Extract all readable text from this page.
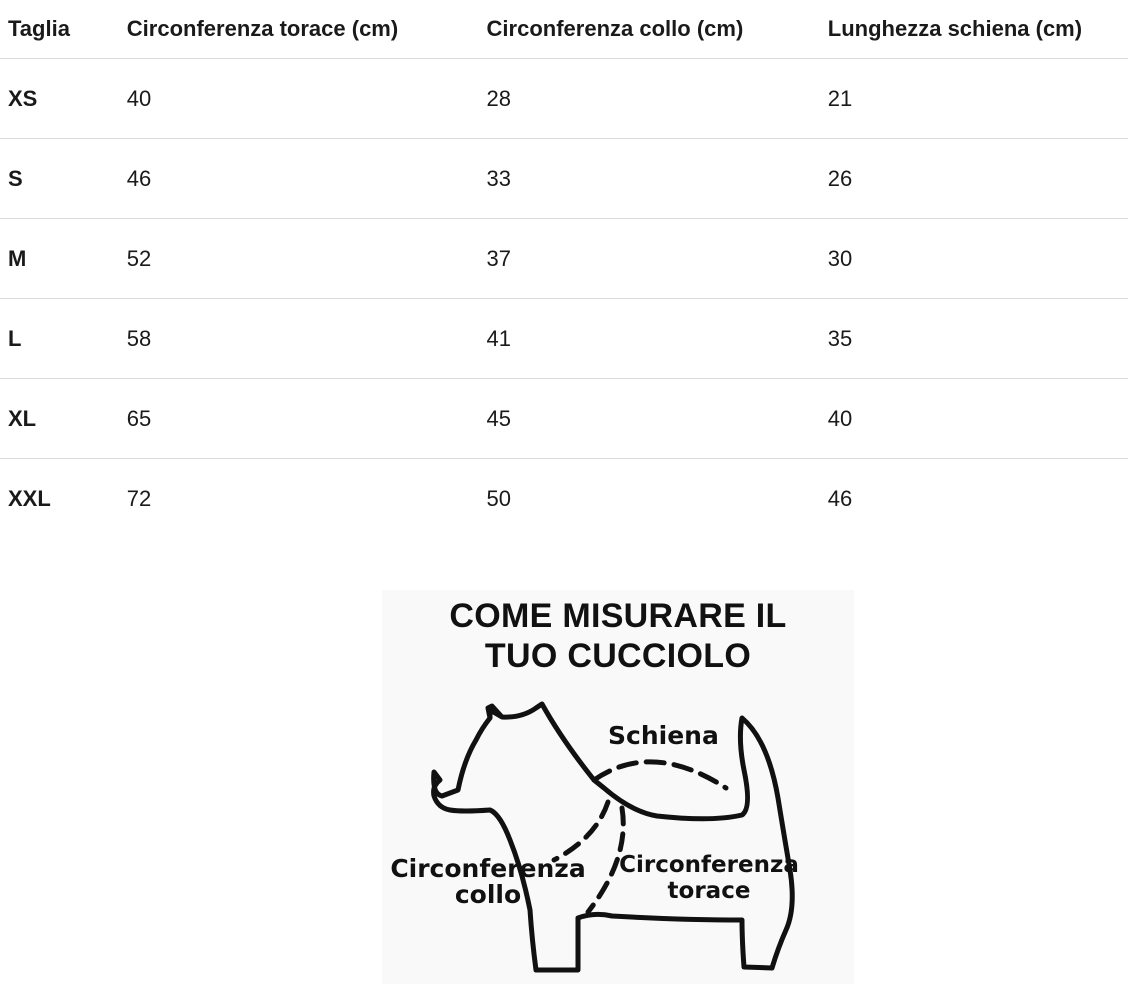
Taglia	Circonferenza torace (cm)	Circonferenza collo (cm)	Lunghezza schiena (cm)
XS	40	28	21
S	46	33	26
M	52	37	30
L	58	41	35
XL	65	45	40
XXL	72	50	46
COME MISURARE IL
TUO CUCCIOLO
Schiena
Circonferenza
collo
Circonferenza
torace
